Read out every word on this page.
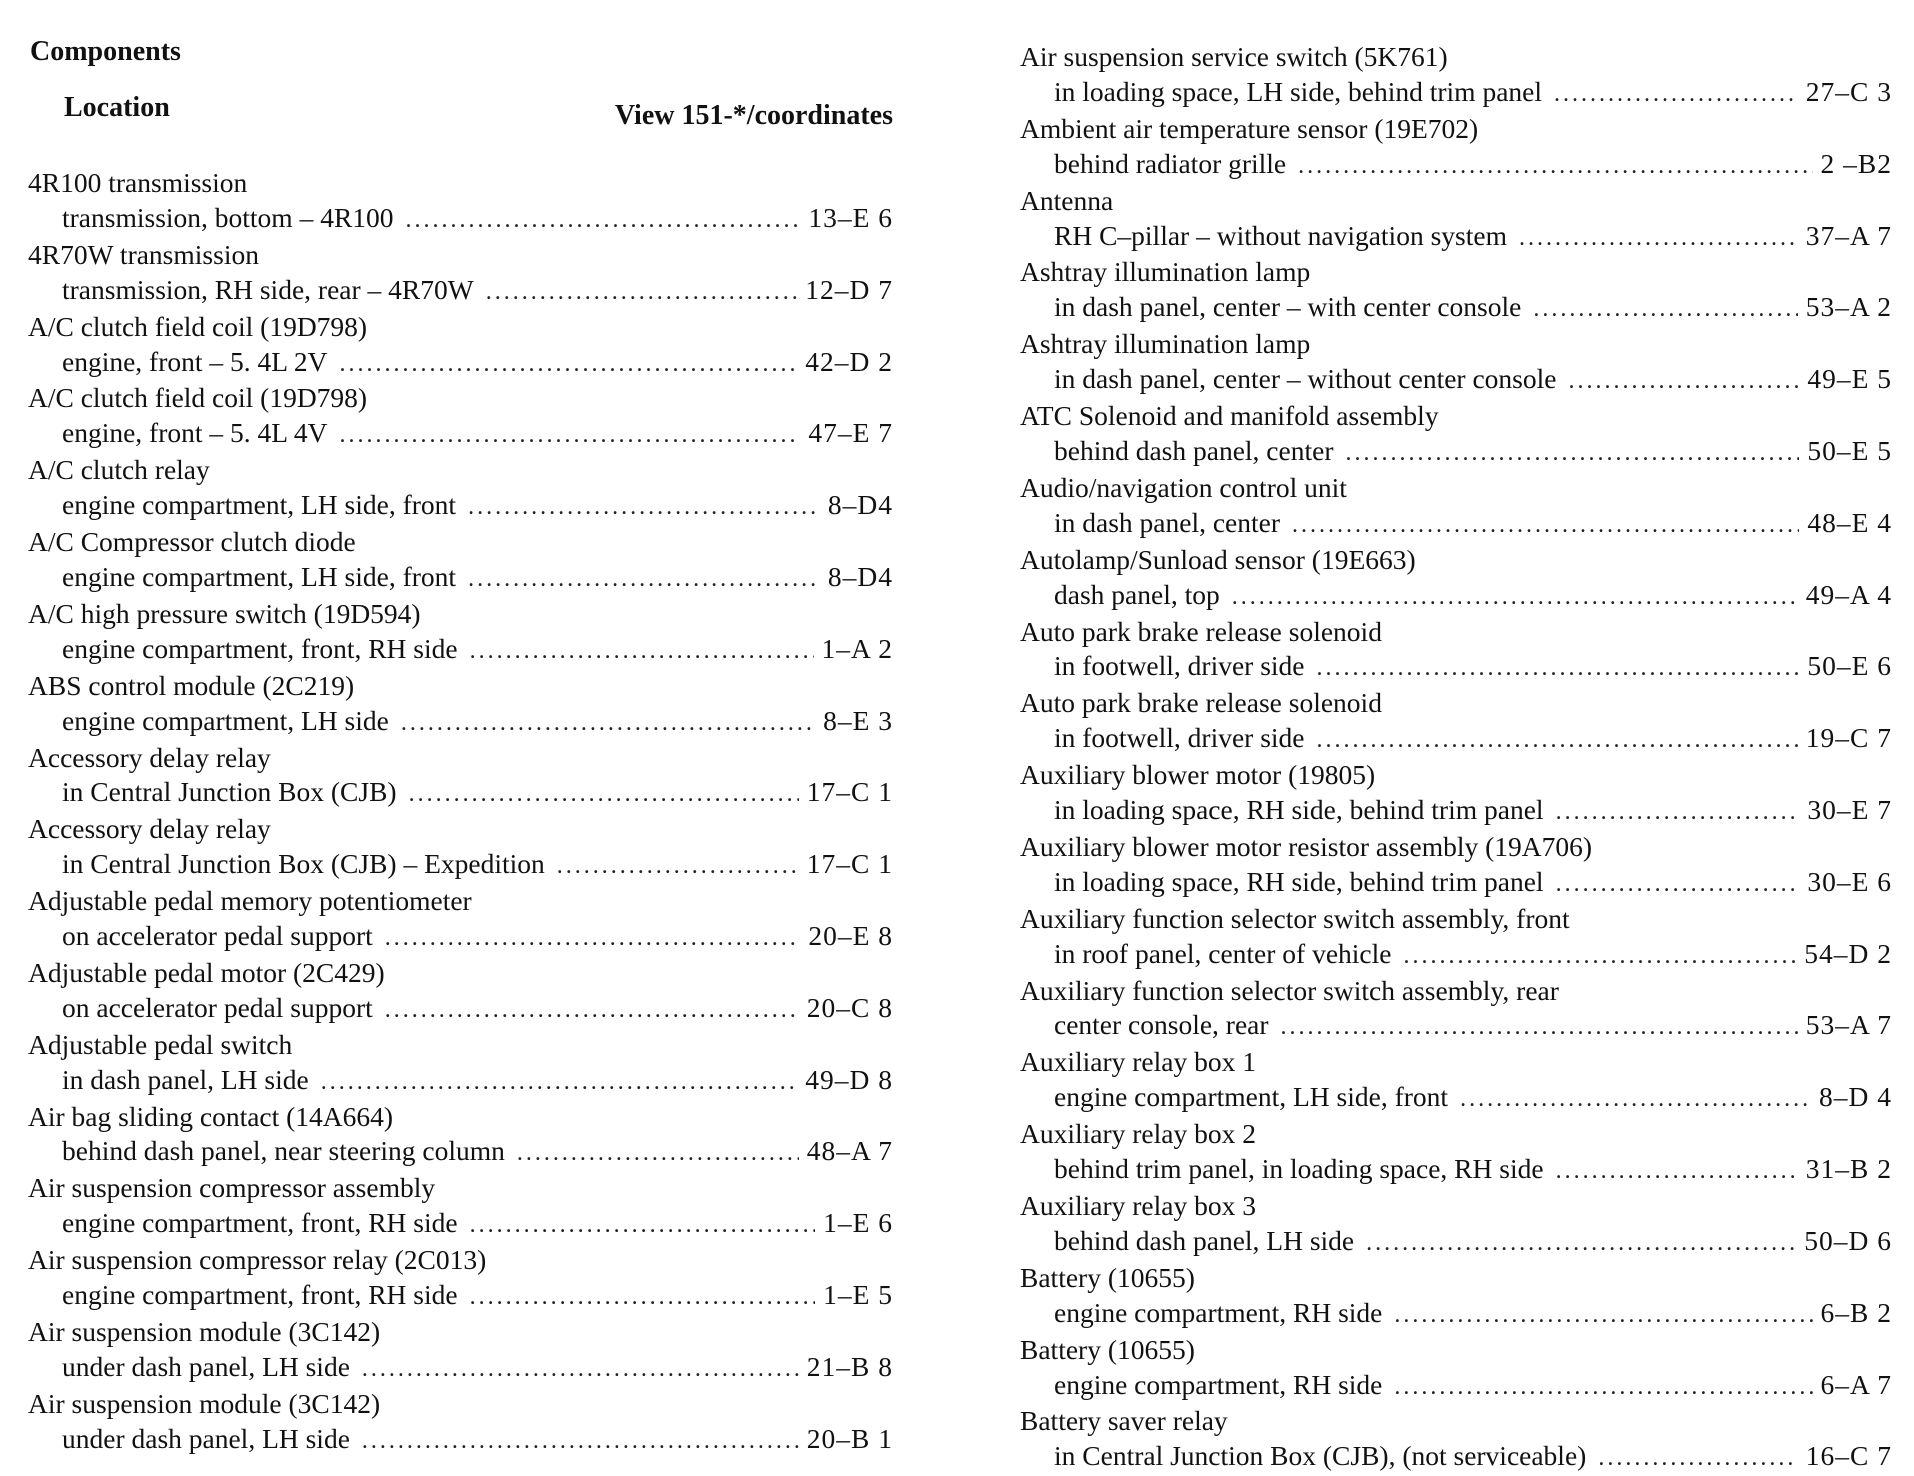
Components
Location	View 151-*/coordinates
4R100 transmission
transmission, bottom – 4R100 .....	13–E 6
4R70W transmission
transmission, RH side, rear – 4R70W .....	12–D 7
A/C clutch field coil (19D798)
engine, front – 5. 4L 2V .....	42–D 2
A/C clutch field coil (19D798)
engine, front – 5. 4L 4V .....	47–E 7
A/C clutch relay
engine compartment, LH side, front .....	8–D4
A/C Compressor clutch diode
engine compartment, LH side, front .....	8–D4
A/C high pressure switch (19D594)
engine compartment, front, RH side .....	1–A 2
ABS control module (2C219)
engine compartment, LH side .....	8–E 3
Accessory delay relay
in Central Junction Box (CJB) .....	17–C 1
Accessory delay relay
in Central Junction Box (CJB) – Expedition .....	17–C 1
Adjustable pedal memory potentiometer
on accelerator pedal support .....	20–E 8
Adjustable pedal motor (2C429)
on accelerator pedal support .....	20–C 8
Adjustable pedal switch
in dash panel, LH side .....	49–D 8
Air bag sliding contact (14A664)
behind dash panel, near steering column .....	48–A 7
Air suspension compressor assembly
engine compartment, front, RH side .....	1–E 6
Air suspension compressor relay (2C013)
engine compartment, front, RH side .....	1–E 5
Air suspension module (3C142)
under dash panel, LH side .....	21–B 8
Air suspension module (3C142)
under dash panel, LH side .....	20–B 1
Air suspension service switch (5K761)
in loading space, LH side, behind trim panel .....	27–C 3
Ambient air temperature sensor (19E702)
behind radiator grille .....	2 –B2
Antenna
RH C–pillar – without navigation system .....	37–A 7
Ashtray illumination lamp
in dash panel, center – with center console .....	53–A 2
Ashtray illumination lamp
in dash panel, center – without center console .....	49–E 5
ATC Solenoid and manifold assembly
behind dash panel, center .....	50–E 5
Audio/navigation control unit
in dash panel, center .....	48–E 4
Autolamp/Sunload sensor (19E663)
dash panel, top .....	49–A 4
Auto park brake release solenoid
in footwell, driver side .....	50–E 6
Auto park brake release solenoid
in footwell, driver side .....	19–C 7
Auxiliary blower motor (19805)
in loading space, RH side, behind trim panel .....	30–E 7
Auxiliary blower motor resistor assembly (19A706)
in loading space, RH side, behind trim panel .....	30–E 6
Auxiliary function selector switch assembly, front
in roof panel, center of vehicle .....	54–D 2
Auxiliary function selector switch assembly, rear
center console, rear .....	53–A 7
Auxiliary relay box 1
engine compartment, LH side, front .....	8–D 4
Auxiliary relay box 2
behind trim panel, in loading space, RH side .....	31–B 2
Auxiliary relay box 3
behind dash panel, LH side .....	50–D 6
Battery (10655)
engine compartment, RH side .....	6–B 2
Battery (10655)
engine compartment, RH side .....	6–A 7
Battery saver relay
in Central Junction Box (CJB), (not serviceable) .....	16–C 7
